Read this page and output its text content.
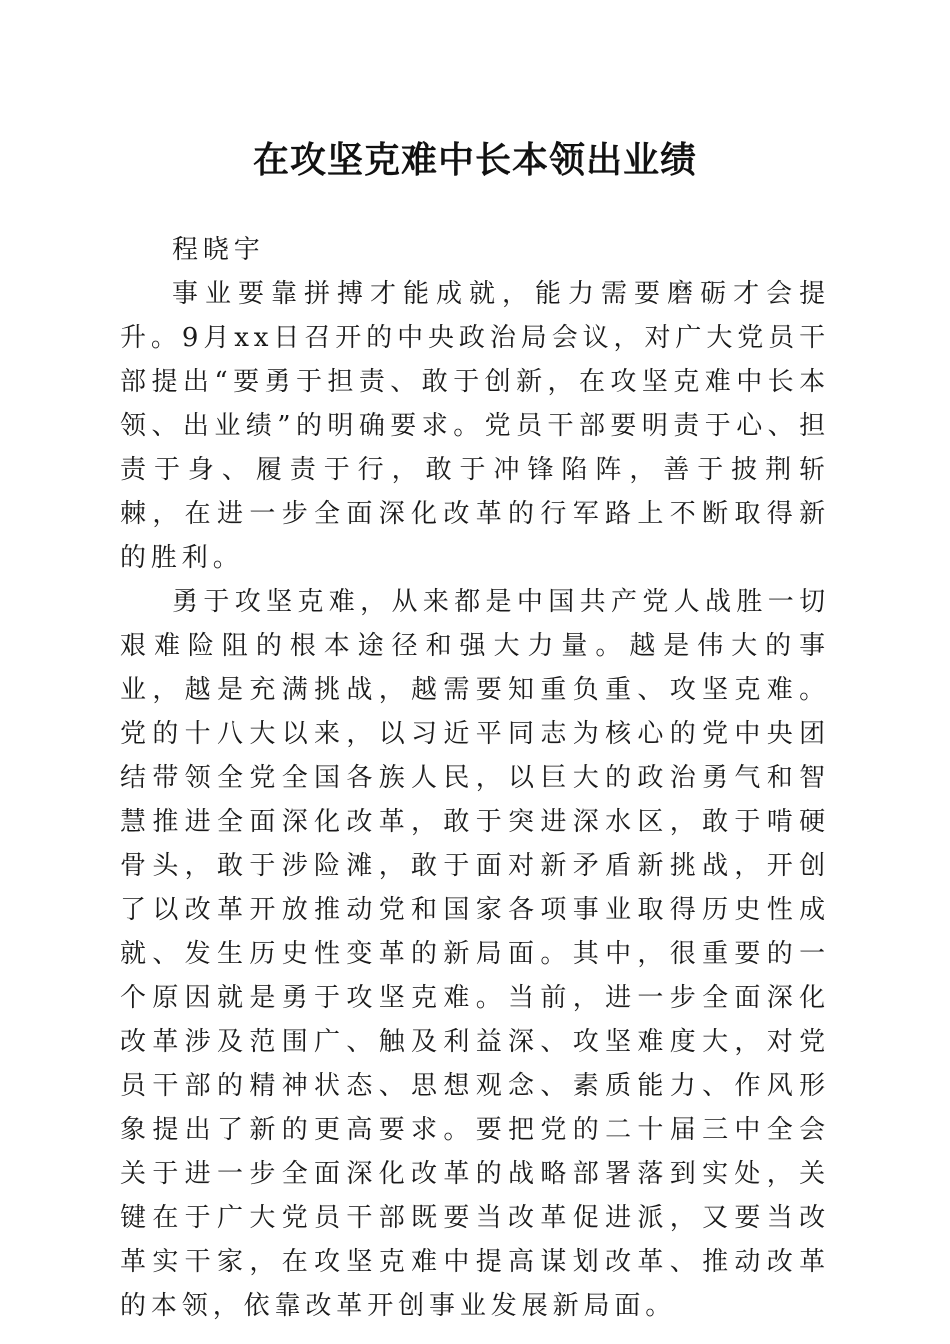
在攻坚克难中长本领出业绩

程晓宇

事业要靠拼搏才能成就，能力需要磨砺才会提升。9月xx日召开的中央政治局会议，对广大党员干部提出“要勇于担责、敢于创新，在攻坚克难中长本领、出业绩”的明确要求。党员干部要明责于心、担责于身、履责于行，敢于冲锋陷阵，善于披荆斩棘，在进一步全面深化改革的行军路上不断取得新的胜利。

勇于攻坚克难，从来都是中国共产党人战胜一切艰难险阻的根本途径和强大力量。越是伟大的事业，越是充满挑战，越需要知重负重、攻坚克难。党的十八大以来，以习近平同志为核心的党中央团结带领全党全国各族人民，以巨大的政治勇气和智慧推进全面深化改革，敢于突进深水区，敢于啃硬骨头，敢于涉险滩，敢于面对新矛盾新挑战，开创了以改革开放推动党和国家各项事业取得历史性成就、发生历史性变革的新局面。其中，很重要的一个原因就是勇于攻坚克难。当前，进一步全面深化改革涉及范围广、触及利益深、攻坚难度大，对党员干部的精神状态、思想观念、素质能力、作风形象提出了新的更高要求。要把党的二十届三中全会关于进一步全面深化改革的战略部署落到实处，关键在于广大党员干部既要当改革促进派，又要当改革实干家，在攻坚克难中提高谋划改革、推动改革的本领，依靠改革开创事业发展新局面。
